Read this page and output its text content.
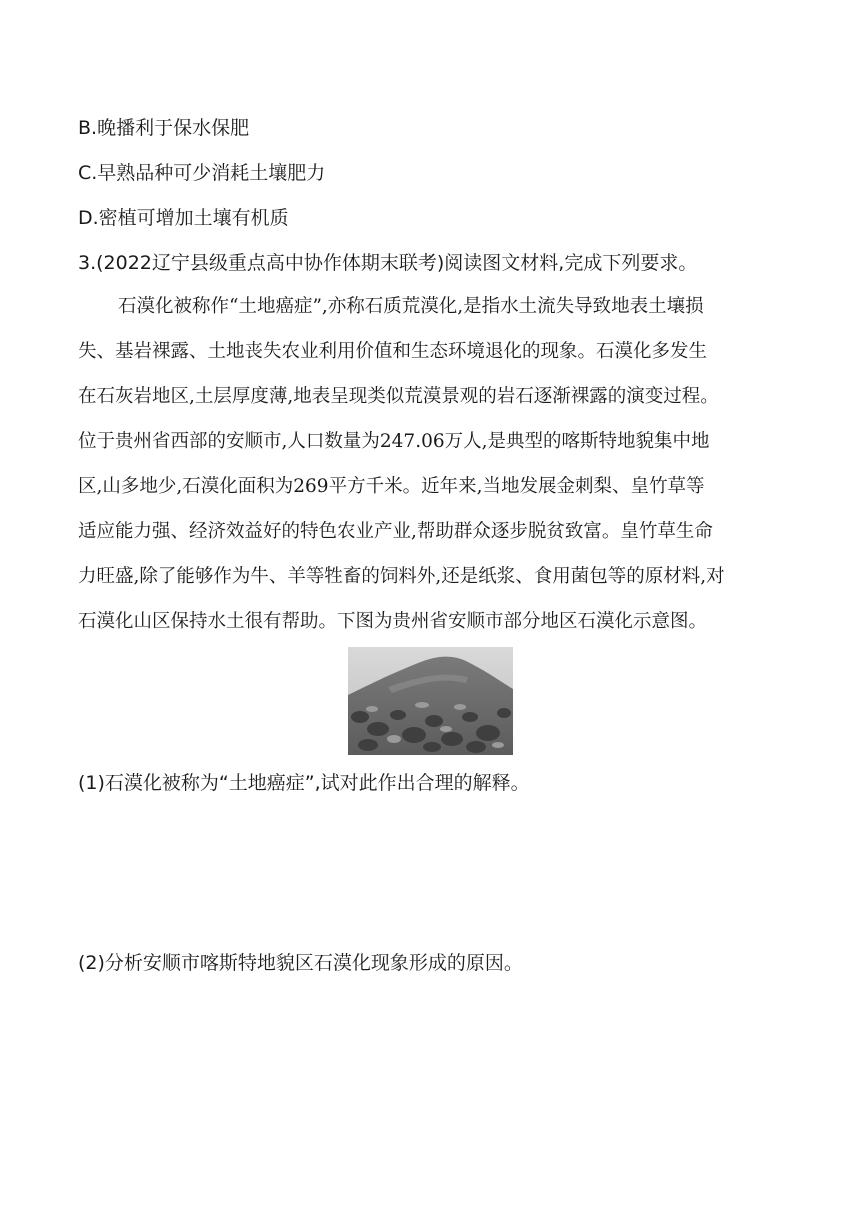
B.晚播利于保水保肥
C.早熟品种可少消耗土壤肥力
D.密植可增加土壤有机质
3.(2022辽宁县级重点高中协作体期末联考)阅读图文材料,完成下列要求。
石漠化被称作“土地癌症”,亦称石质荒漠化,是指水土流失导致地表土壤损
失、基岩裸露、土地丧失农业利用价值和生态环境退化的现象。石漠化多发生
在石灰岩地区,土层厚度薄,地表呈现类似荒漠景观的岩石逐渐裸露的演变过程。
位于贵州省西部的安顺市,人口数量为247.06万人,是典型的喀斯特地貌集中地
区,山多地少,石漠化面积为269平方千米。近年来,当地发展金刺梨、皇竹草等
适应能力强、经济效益好的特色农业产业,帮助群众逐步脱贫致富。皇竹草生命
力旺盛,除了能够作为牛、羊等牲畜的饲料外,还是纸浆、食用菌包等的原材料,对
石漠化山区保持水土很有帮助。下图为贵州省安顺市部分地区石漠化示意图。
(1)石漠化被称为“土地癌症”,试对此作出合理的解释。
(2)分析安顺市喀斯特地貌区石漠化现象形成的原因。
